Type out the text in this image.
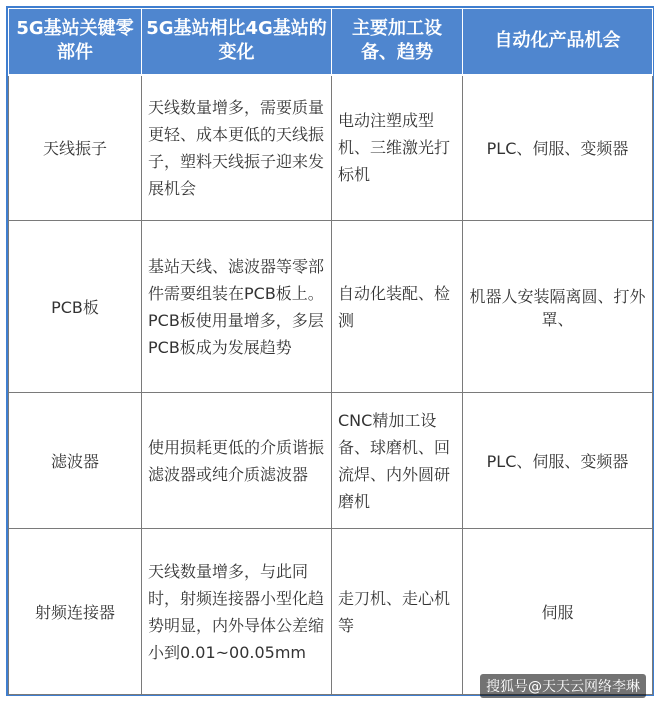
5G基站关键零部件	5G基站相比4G基站的变化	主要加工设备、趋势	自动化产品机会
天线振子	天线数量增多，需要质量更轻、成本更低的天线振子，塑料天线振子迎来发展机会	电动注塑成型机、三维激光打标机	PLC、伺服、变频器
PCB板	基站天线、滤波器等零部件需要组装在PCB板上。PCB板使用量增多，多层PCB板成为发展趋势	自动化装配、检测	机器人安装隔离圆、打外罩、
滤波器	使用损耗更低的介质谐振滤波器或纯介质滤波器	CNC精加工设备、球磨机、回流焊、内外圆研磨机	PLC、伺服、变频器
射频连接器	天线数量增多，与此同时，射频连接器小型化趋势明显，内外导体公差缩小到0.01~00.05mm	走刀机、走心机等	伺服
搜狐号@天天云网络李琳
